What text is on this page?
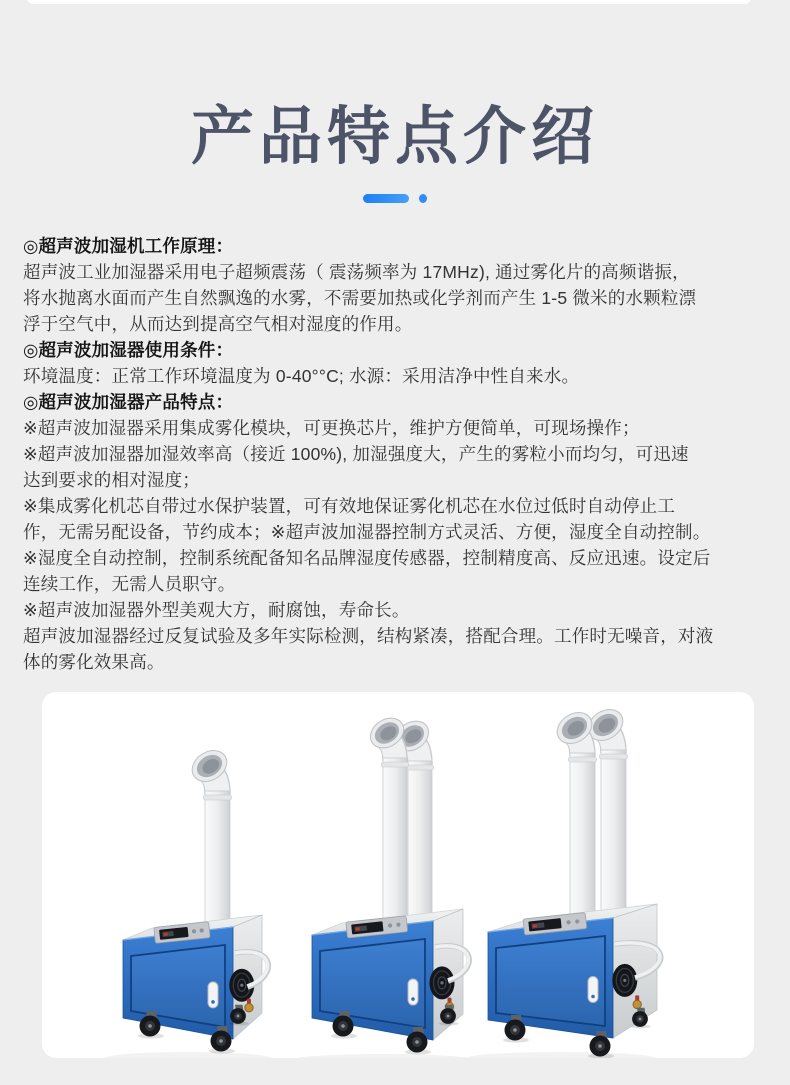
产品特点介绍
◎超声波加湿机工作原理：
超声波工业加湿器采用电子超频震荡（ 震荡频率为 17MHz), 通过雾化片的高频谐振，
将水抛离水面而产生自然飘逸的水雾，不需要加热或化学剂而产生 1-5 微米的水颗粒漂
浮于空气中，从而达到提高空气相对湿度的作用。
◎超声波加湿器使用条件：
环境温度：正常工作环境温度为 0-40°°C; 水源：采用洁净中性自来水。
◎超声波加湿器产品特点：
※超声波加湿器采用集成雾化模块，可更换芯片，维护方便简单，可现场操作；
※超声波加湿器加湿效率高（接近 100%), 加湿强度大，产生的雾粒小而均匀，可迅速
达到要求的相对湿度；
※集成雾化机芯自带过水保护装置，可有效地保证雾化机芯在水位过低时自动停止工
作，无需另配设备，节约成本；※超声波加湿器控制方式灵活、方便，湿度全自动控制。
※湿度全自动控制，控制系统配备知名品牌湿度传感器，控制精度高、反应迅速。设定后
连续工作，无需人员职守。
※超声波加湿器外型美观大方，耐腐蚀，寿命长。
超声波加湿器经过反复试验及多年实际检测，结构紧凑，搭配合理。工作时无噪音，对液
体的雾化效果高。
